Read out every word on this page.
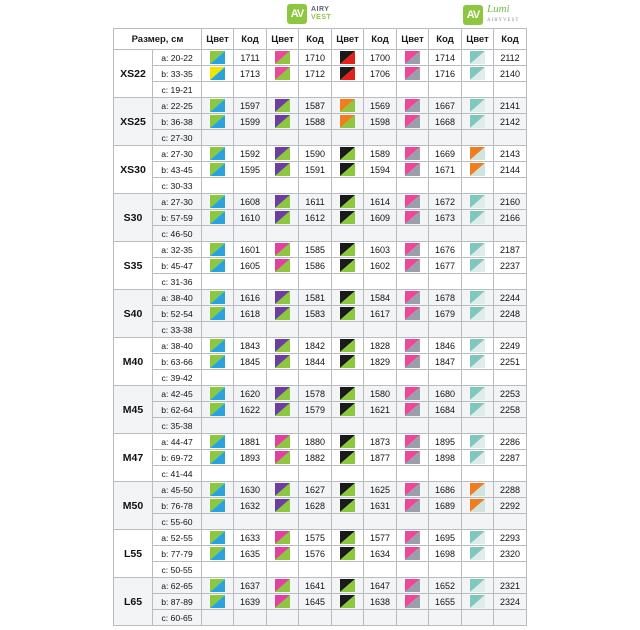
AV	AIRY
VEST	AV Lumi
AIRYVEST
Размер, см		Цвет	Код	Цвет	Код	Цвет	Код	Цвет	Код	Цвет	Код
XS22	a: 20-22		1711		1710		1700		1714		2112
	b: 33-35		1713		1712		1706		1716		2140
	c: 19-21										
XS25	a: 22-25		1597		1587		1569		1667		2141
	b: 36-38		1599		1588		1598		1668		2142
	c: 27-30										
XS30	a: 27-30		1592		1590		1589		1669		2143
	b: 43-45		1595		1591		1594		1671		2144
	c: 30-33										
S30	a: 27-30		1608		1611		1614		1672		2160
	b: 57-59		1610		1612		1609		1673		2166
	c: 46-50										
S35	a: 32-35		1601		1585		1603		1676		2187
	b: 45-47		1605		1586		1602		1677		2237
	c: 31-36										
S40	a: 38-40		1616		1581		1584		1678		2244
	b: 52-54		1618		1583		1617		1679		2248
	c: 33-38										
M40	a: 38-40		1843		1842		1828		1846		2249
	b: 63-66		1845		1844		1829		1847		2251
	c: 39-42										
M45	a: 42-45		1620		1578		1580		1680		2253
	b: 62-64		1622		1579		1621		1684		2258
	c: 35-38										
M47	a: 44-47		1881		1880		1873		1895		2286
	b: 69-72		1893		1882		1877		1898		2287
	c: 41-44										
M50	a: 45-50		1630		1627		1625		1686		2288
	b: 76-78		1632		1628		1631		1689		2292
	c: 55-60										
L55	a: 52-55		1633		1575		1577		1695		2293
	b: 77-79		1635		1576		1634		1698		2320
	c: 50-55										
L65	a: 62-65		1637		1641		1647		1652		2321
	b: 87-89		1639		1645		1638		1655		2324
	c: 60-65										
